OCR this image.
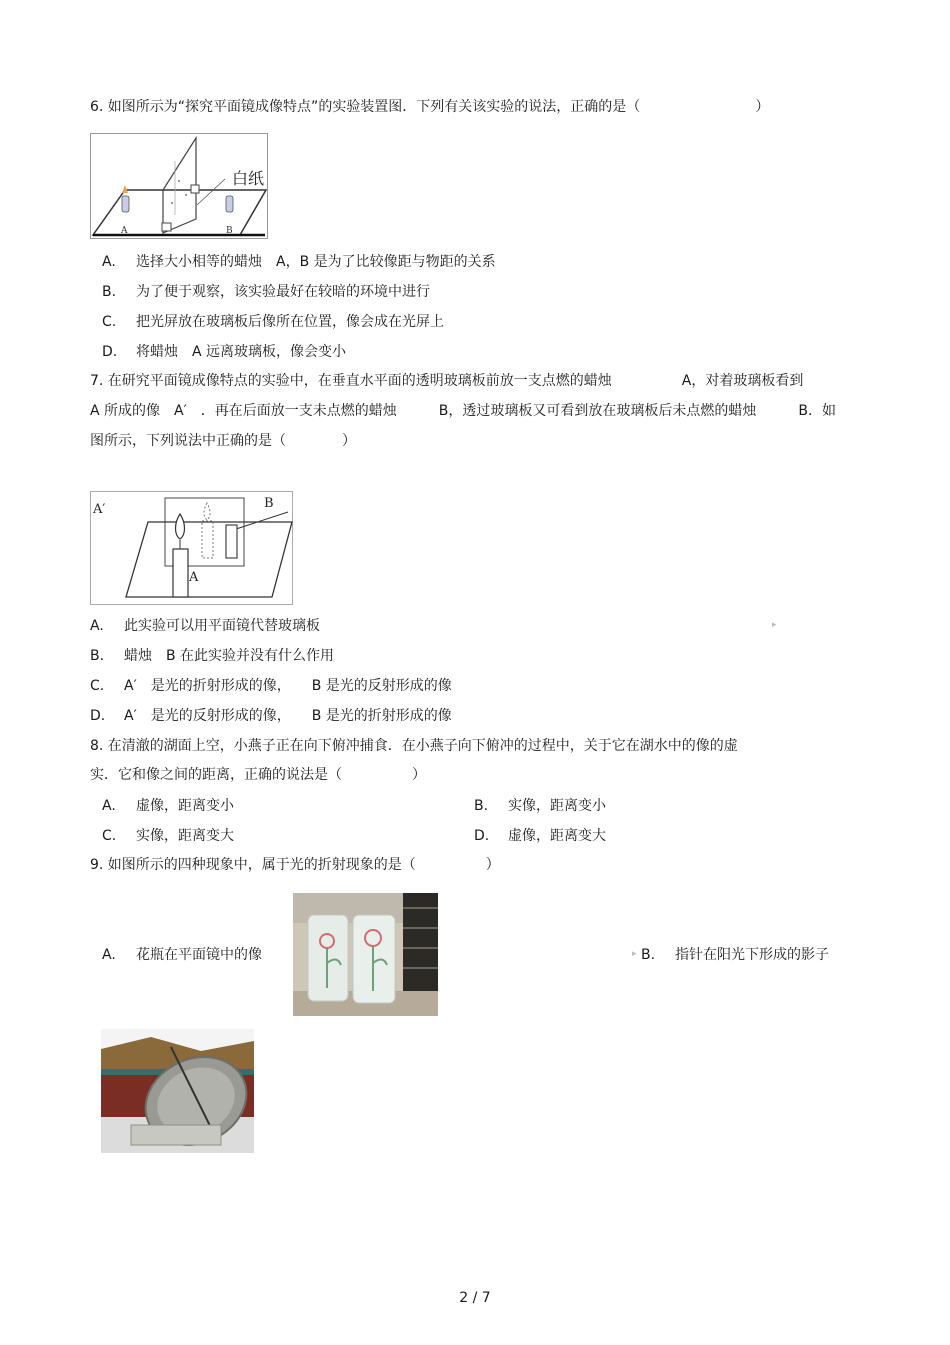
6. 如图所示为“探究平面镜成像特点”的实验装置图．下列有关该实验的说法，正确的是（	）
白纸
A	B
A. 选择大小相等的蜡烛　A，B 是为了比较像距与物距的关系
B. 为了便于观察，该实验最好在较暗的环境中进行
C. 把光屏放在玻璃板后像所在位置，像会成在光屏上
D. 将蜡烛　A 远离玻璃板，像会变小
7. 在研究平面镜成像特点的实验中，在垂直水平面的透明玻璃板前放一支点燃的蜡烛　　　　　A，对着玻璃板看到
A 所成的像　A′　．再在后面放一支未点燃的蜡烛　　　B，透过玻璃板又可看到放在玻璃板后未点燃的蜡烛　　　B．如
图所示，下列说法中正确的是（　　　　）
A′	B
A
A. 此实验可以用平面镜代替玻璃板	▸
B. 蜡烛　B 在此实验并没有什么作用
C. A′　是光的折射形成的像，　　B 是光的反射形成的像
D. A′　是光的反射形成的像，　　B 是光的折射形成的像
8. 在清澈的湖面上空，小燕子正在向下俯冲捕食．在小燕子向下俯冲的过程中，关于它在湖水中的像的虚
实．它和像之间的距离，正确的说法是（　　　　　）
A. 虚像，距离变小	B. 实像，距离变小
C. 实像，距离变大	D. 虚像，距离变大
9. 如图所示的四种现象中，属于光的折射现象的是（　　　　　）
A. 花瓶在平面镜中的像	▸ B. 指针在阳光下形成的影子
2 / 7
